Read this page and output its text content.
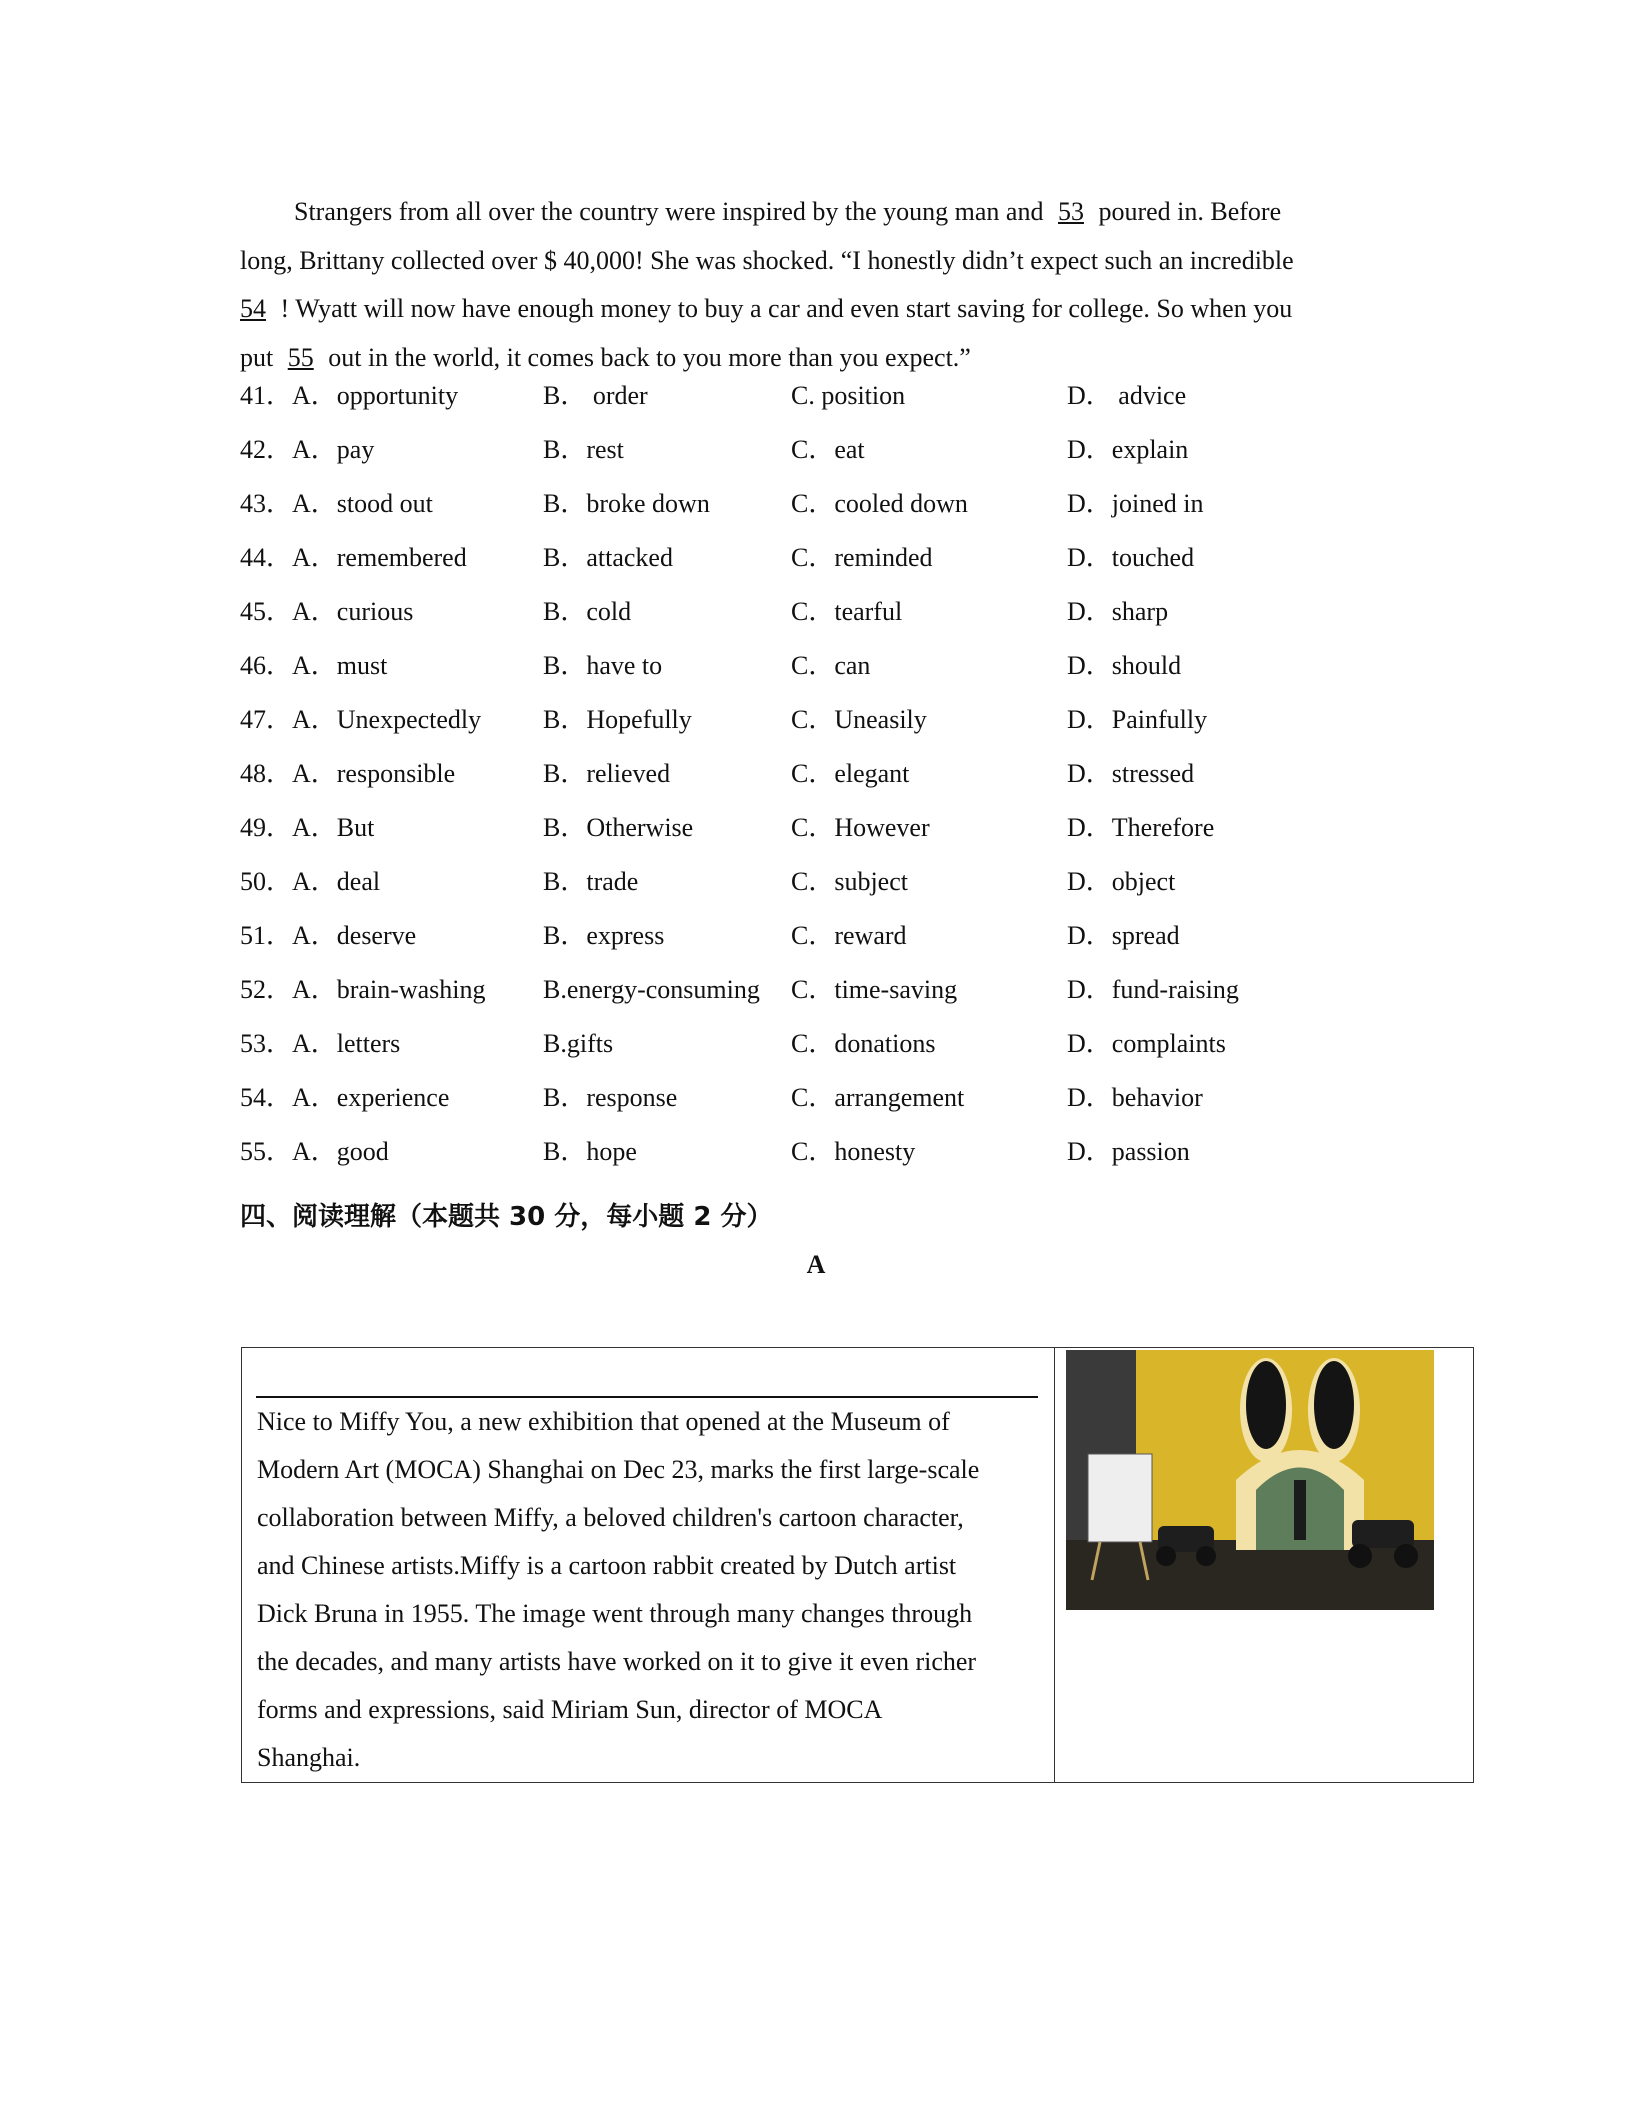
Strangers from all over the country were inspired by the young man and 53 poured in. Before
long, Brittany collected over $ 40,000! She was shocked. “I honestly didn’t expect such an incredible
54 ! Wyatt will now have enough money to buy a car and even start saving for college. So when you
put 55 out in the world, it comes back to you more than you expect.”
41． A．opportunity	B． order	C. position	D． advice
42． A．pay	B．rest	C．eat	D．explain
43． A．stood out	B．broke down	C．cooled down	D．joined in
44． A．remembered	B．attacked	C．reminded	D．touched
45． A．curious	B．cold	C．tearful	D．sharp
46． A．must	B．have to	C．can	D．should
47． A．Unexpectedly B．Hopefully	C．Uneasily	D．Painfully
48． A．responsible	B．relieved	C．elegant	D．stressed
49． A．But	B．Otherwise	C．However	D．Therefore
50． A．deal	B．trade	C．subject	D．object
51． A．deserve	B．express	C．reward	D．spread
52． A．brain-washing B.energy-consuming C．time-saving	D．fund-raising
53． A．letters	B.gifts	C．donations	D．complaints
54． A．experience	B．response	C．arrangement	D．behavior
55． A．good	B．hope	C．honesty	D．passion
四、阅读理解（本题共 30 分，每小题 2 分）
A
Nice to Miffy You, a new exhibition that opened at the Museum of
Modern Art (MOCA) Shanghai on Dec 23, marks the first large-scale
collaboration between Miffy, a beloved children's cartoon character,
and Chinese artists.Miffy is a cartoon rabbit created by Dutch artist
Dick Bruna in 1955. The image went through many changes through
the decades, and many artists have worked on it to give it even richer
forms and expressions, said Miriam Sun, director of MOCA
Shanghai.
